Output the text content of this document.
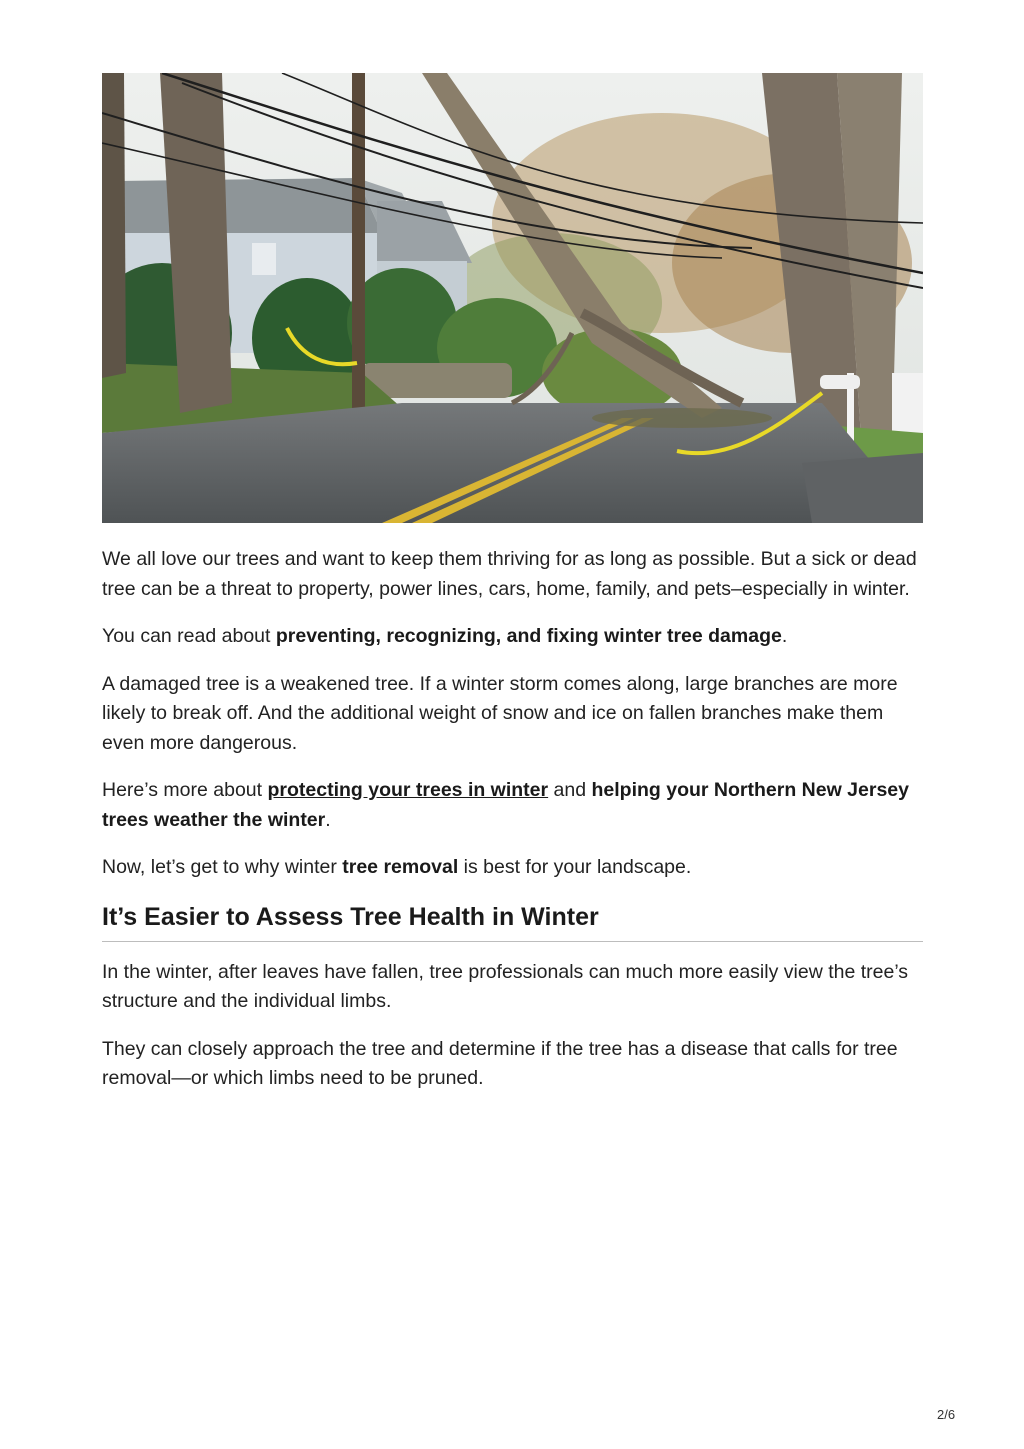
We all love our trees and want to keep them thriving for as long as possible. But a sick or dead tree can be a threat to property, power lines, cars, home, family, and pets–especially in winter.

You can read about preventing, recognizing, and fixing winter tree damage.

A damaged tree is a weakened tree. If a winter storm comes along, large branches are more likely to break off. And the additional weight of snow and ice on fallen branches make them even more dangerous.

Here’s more about protecting your trees in winter and helping your Northern New Jersey trees weather the winter.

Now, let’s get to why winter tree removal is best for your landscape.

It’s Easier to Assess Tree Health in Winter

In the winter, after leaves have fallen, tree professionals can much more easily view the tree’s structure and the individual limbs.

They can closely approach the tree and determine if the tree has a disease that calls for tree removal—or which limbs need to be pruned.

2/6
